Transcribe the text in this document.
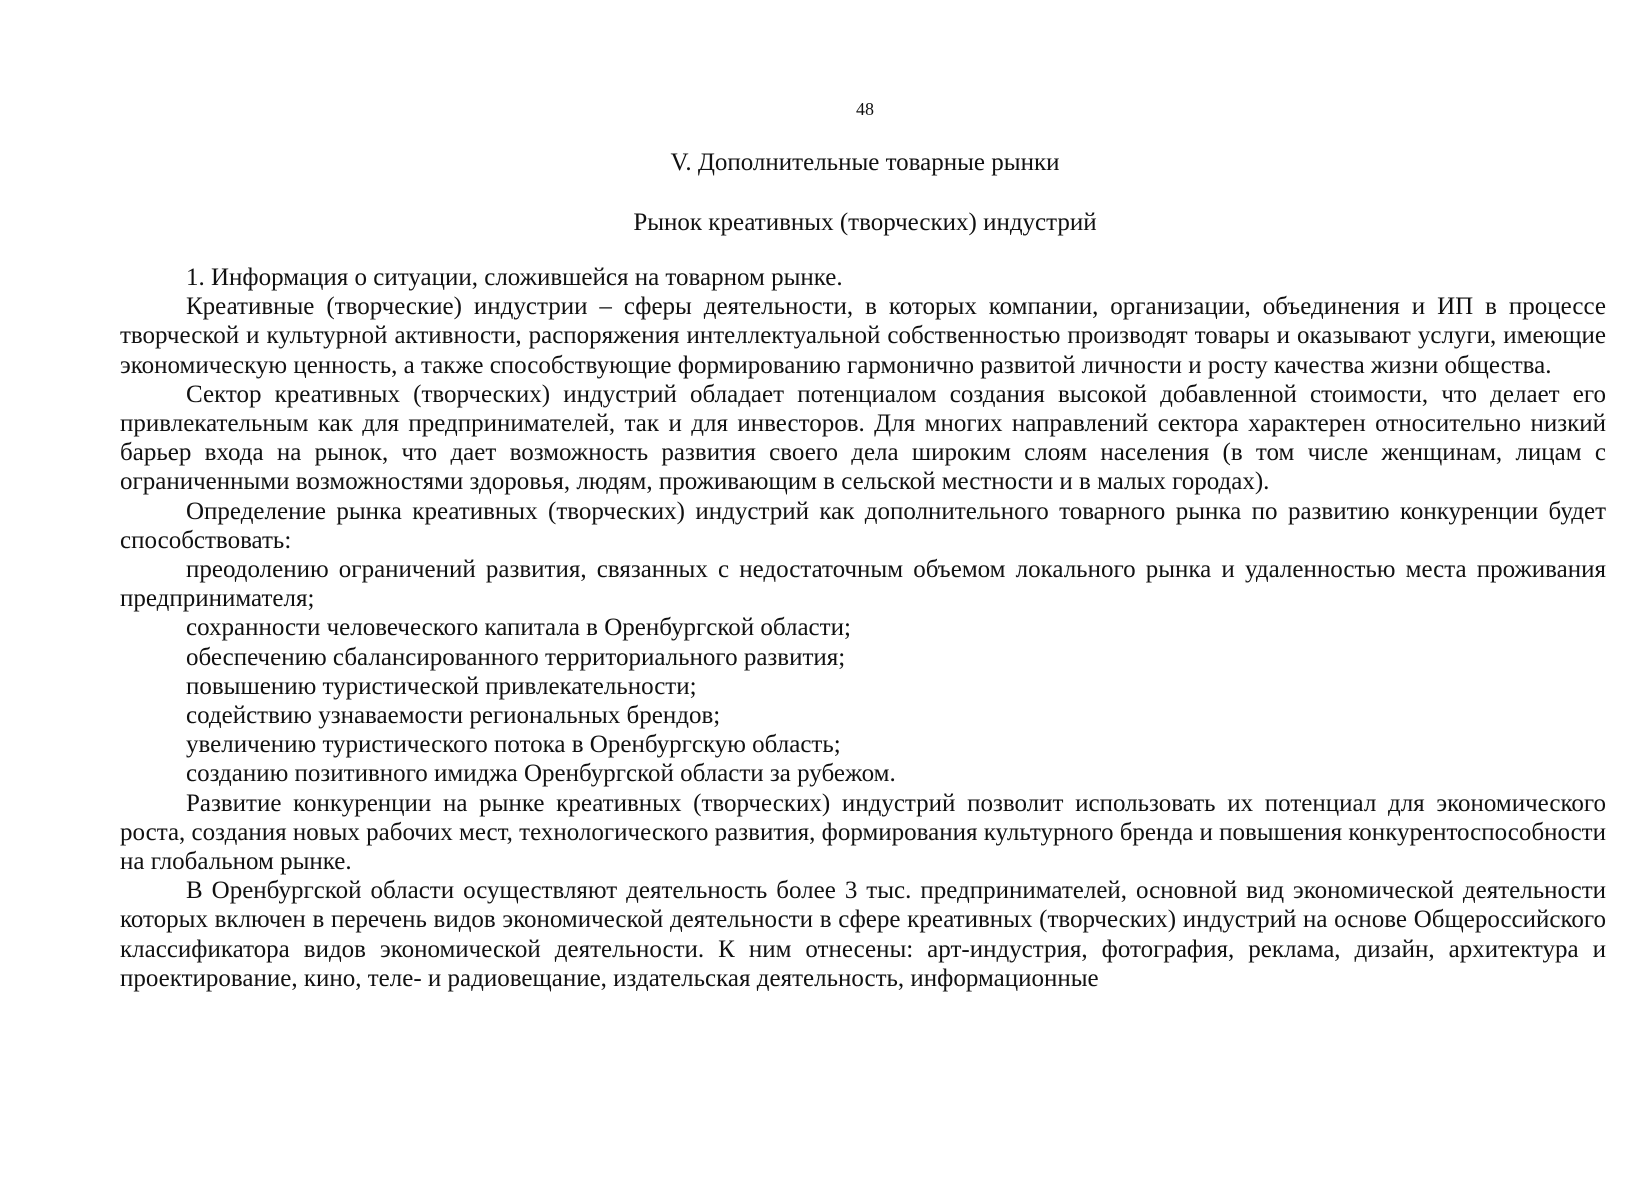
48
V. Дополнительные товарные рынки
Рынок креативных (творческих) индустрий

1. Информация о ситуации, сложившейся на товарном рынке.

Креативные (творческие) индустрии – сферы деятельности, в которых компании, организации, объединения и ИП в процессе творческой и культурной активности, распоряжения интеллектуальной собственностью производят товары и оказывают услуги, имеющие экономическую ценность, а также способствующие формированию гармонично развитой личности и росту качества жизни общества.

Сектор креативных (творческих) индустрий обладает потенциалом создания высокой добавленной стоимости, что делает его привлекательным как для предпринимателей, так и для инвесторов. Для многих направлений сектора характерен относительно низкий барьер входа на рынок, что дает возможность развития своего дела широким слоям населения (в том числе женщинам, лицам с ограниченными возможностями здоровья, людям, проживающим в сельской местности и в малых городах).

Определение рынка креативных (творческих) индустрий как дополнительного товарного рынка по развитию конкуренции будет способствовать:

преодолению ограничений развития, связанных с недостаточным объемом локального рынка и удаленностью места проживания предпринимателя;

сохранности человеческого капитала в Оренбургской области;

обеспечению сбалансированного территориального развития;

повышению туристической привлекательности;

содействию узнаваемости региональных брендов;

увеличению туристического потока в Оренбургскую область;

созданию позитивного имиджа Оренбургской области за рубежом.

Развитие конкуренции на рынке креативных (творческих) индустрий позволит использовать их потенциал для экономического роста, создания новых рабочих мест, технологического развития, формирования культурного бренда и повышения конкурентоспособности на глобальном рынке.

В Оренбургской области осуществляют деятельность более 3 тыс. предпринимателей, основной вид экономической деятельности которых включен в перечень видов экономической деятельности в сфере креативных (творческих) индустрий на основе Общероссийского классификатора видов экономической деятельности. К ним отнесены: арт-индустрия, фотография, реклама, дизайн, архитектура и проектирование, кино, теле- и радиовещание, издательская деятельность, информационные
